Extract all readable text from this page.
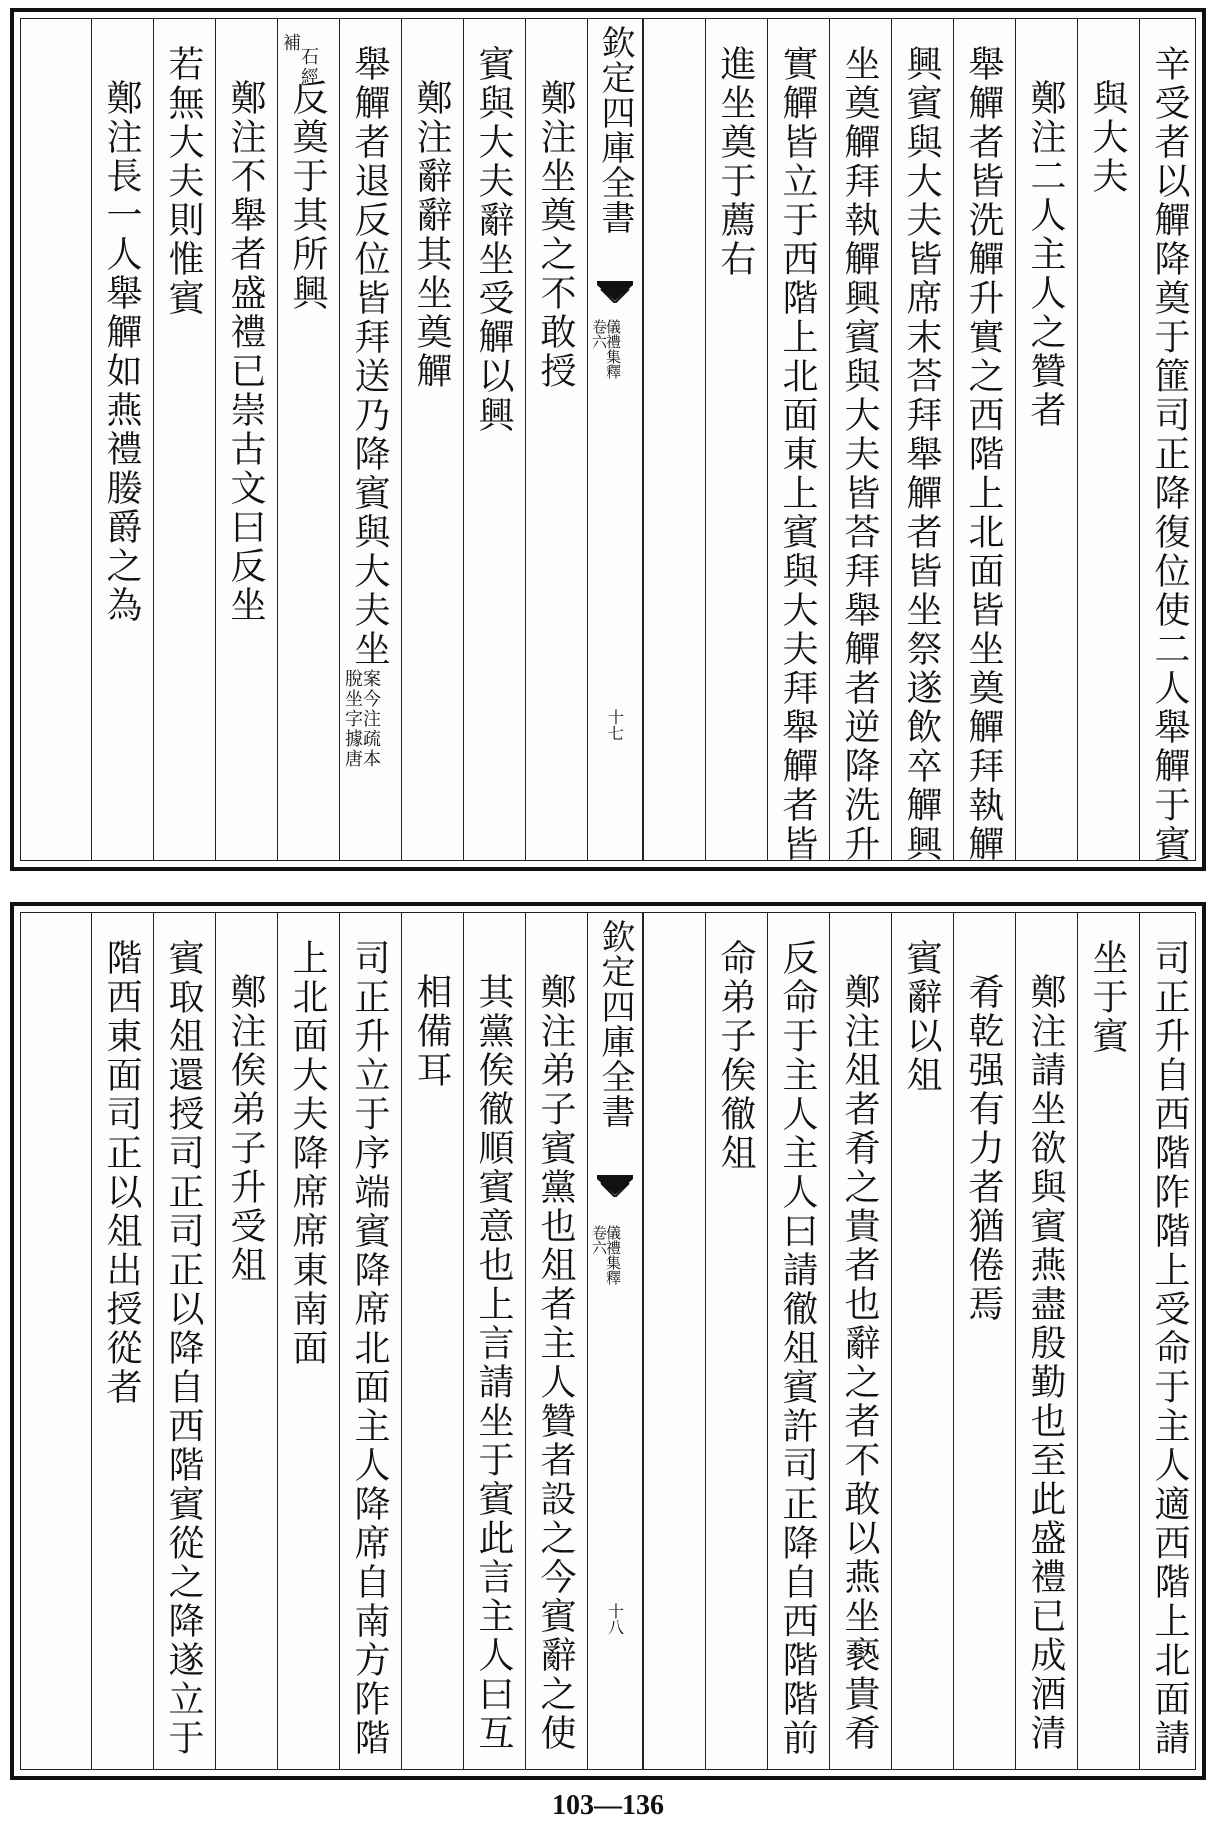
辛受者以觶降奠于篚司正降復位使二人舉觶于賓
與大夫
鄭注二人主人之贊者
舉觶者皆洗觶升實之西階上北面皆坐奠觶拜執觶
興賓與大夫皆席末荅拜舉觶者皆坐祭遂飲卒觶興
坐奠觶拜執觶興賓與大夫皆荅拜舉觶者逆降洗升
實觶皆立于西階上北面東上賓與大夫拜舉觶者皆
進坐奠于薦右
欽定四庫全書
儀禮集釋
卷六
十七
鄭注坐奠之不敢授
賓與大夫辭坐受觶以興
鄭注辭辭其坐奠觶
舉觶者退反位皆拜送乃降賓與大夫坐
案今注疏本
脫坐字據唐
反奠于其所興
石經
補
鄭注不舉者盛禮已崇古文曰反坐
若無大夫則惟賓
鄭注長一人舉觶如燕禮媵爵之為
司正升自西階阼階上受命于主人適西階上北面請
坐于賓
鄭注請坐欲與賓燕盡殷勤也至此盛禮已成酒清
肴乾强有力者猶倦焉
賓辭以俎
鄭注俎者肴之貴者也辭之者不敢以燕坐褻貴肴
反命于主人主人曰請徹俎賓許司正降自西階階前
命弟子俟徹俎
欽定四庫全書
儀禮集釋
卷六
十八
鄭注弟子賓黨也俎者主人贊者設之今賓辭之使
其黨俟徹順賓意也上言請坐于賓此言主人曰互
相備耳
司正升立于序端賓降席北面主人降席自南方阼階
上北面大夫降席席東南面
鄭注俟弟子升受俎
賓取俎還授司正司正以降自西階賓從之降遂立于
階西東面司正以俎出授從者
103—136
